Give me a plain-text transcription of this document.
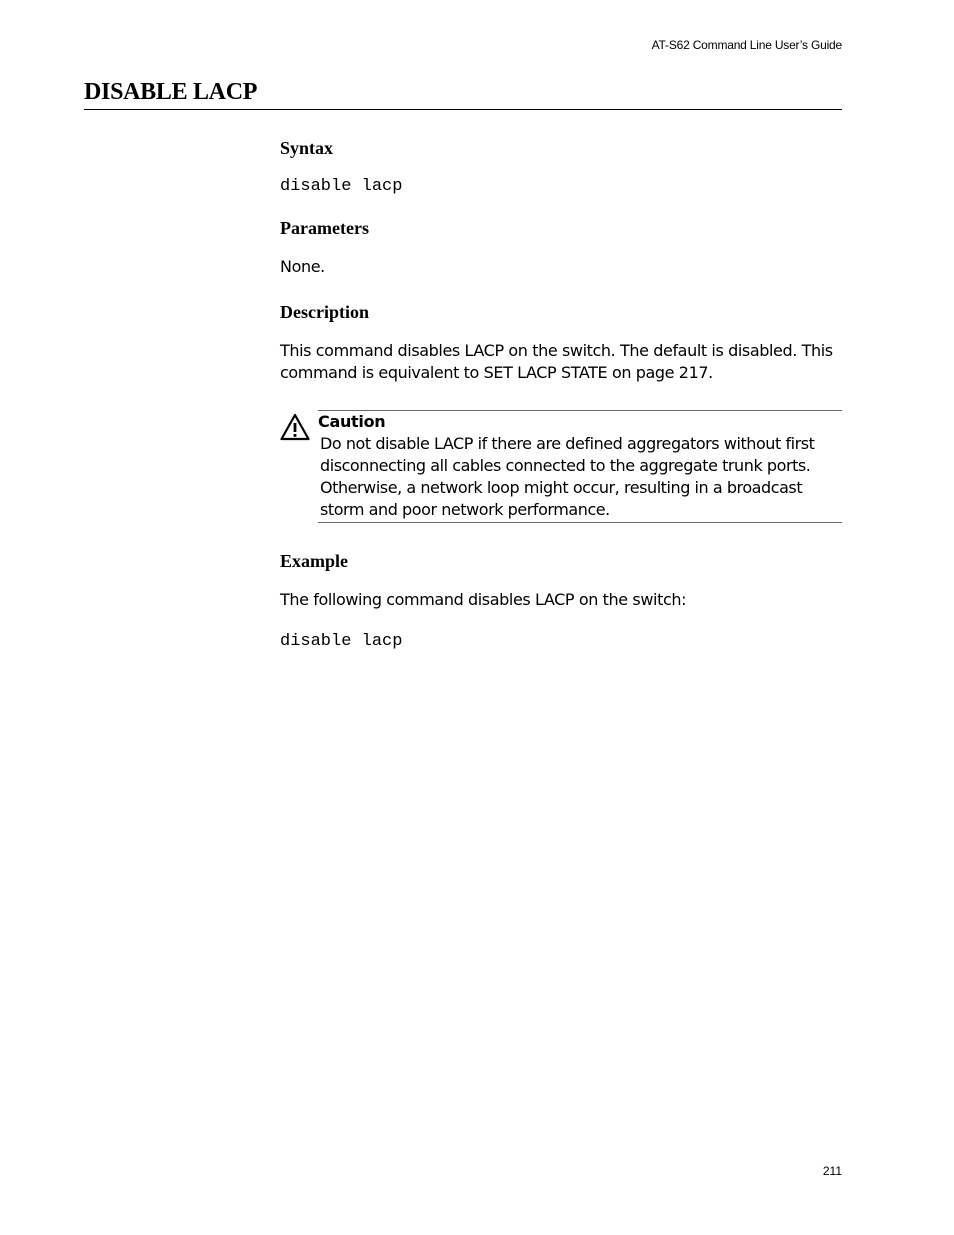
AT-S62 Command Line User’s Guide
DISABLE LACP
Syntax
disable lacp
Parameters

None.

Description

This command disables LACP on the switch. The default is disabled. This command is equivalent to SET LACP STATE on page 217.

Caution

Do not disable LACP if there are defined aggregators without first disconnecting all cables connected to the aggregate trunk ports. Otherwise, a network loop might occur, resulting in a broadcast storm and poor network performance.

Example

The following command disables LACP on the switch:

disable lacp
211
